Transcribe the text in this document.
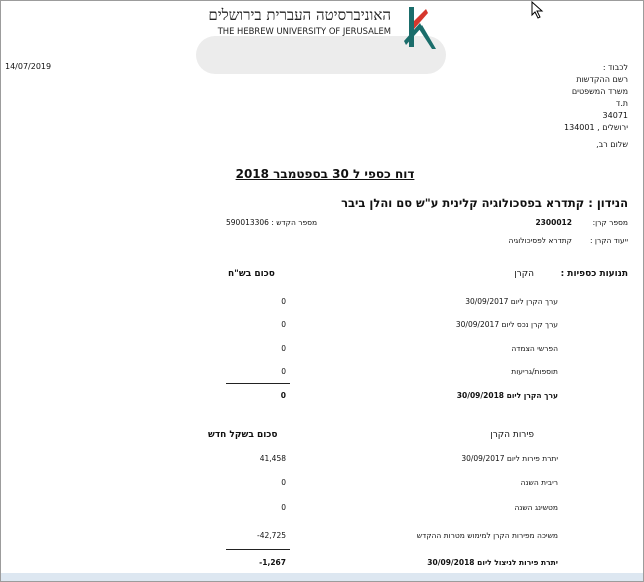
האוניברסיטה העברית בירושלים
THE HEBREW UNIVERSITY OF JERUSALEM
14/07/2019	לכבוד :
רשם ההקדשות
משרד המשפטים
ת.ד
34071
ירושלים , 134001
שלום רב,
דוח כספי ל 30 בספטמבר 2018
הנידון : קתדרא בפסכולוגיה קלינית ע"ש סם והלן ביבר
מספר קרן:
2300012
ייעוד הקרן :
קתדרא לפסיכולוגיה
מספר הקדש : 590013306
תנועות כספיות :
הקרן
סכום בש"ח
ערך הקרן ליום 30/09/2017
0
ערך קרן נכס ליום 30/09/2017
0
הפרשי הצמדה
0
תוספות/גריעות
0
ערך הקרן ליום 30/09/2018
0
פירות הקרן
סכום בשקל חדש
יתרת פירות ליום 30/09/2017
41,458
ריבית השנה
0
מטשינג השנה
0
משיכה מפירות הקרן למימוש מטרות ההקדש
-42,725
יתרת פירות לניצול ליום 30/09/2018
-1,267
